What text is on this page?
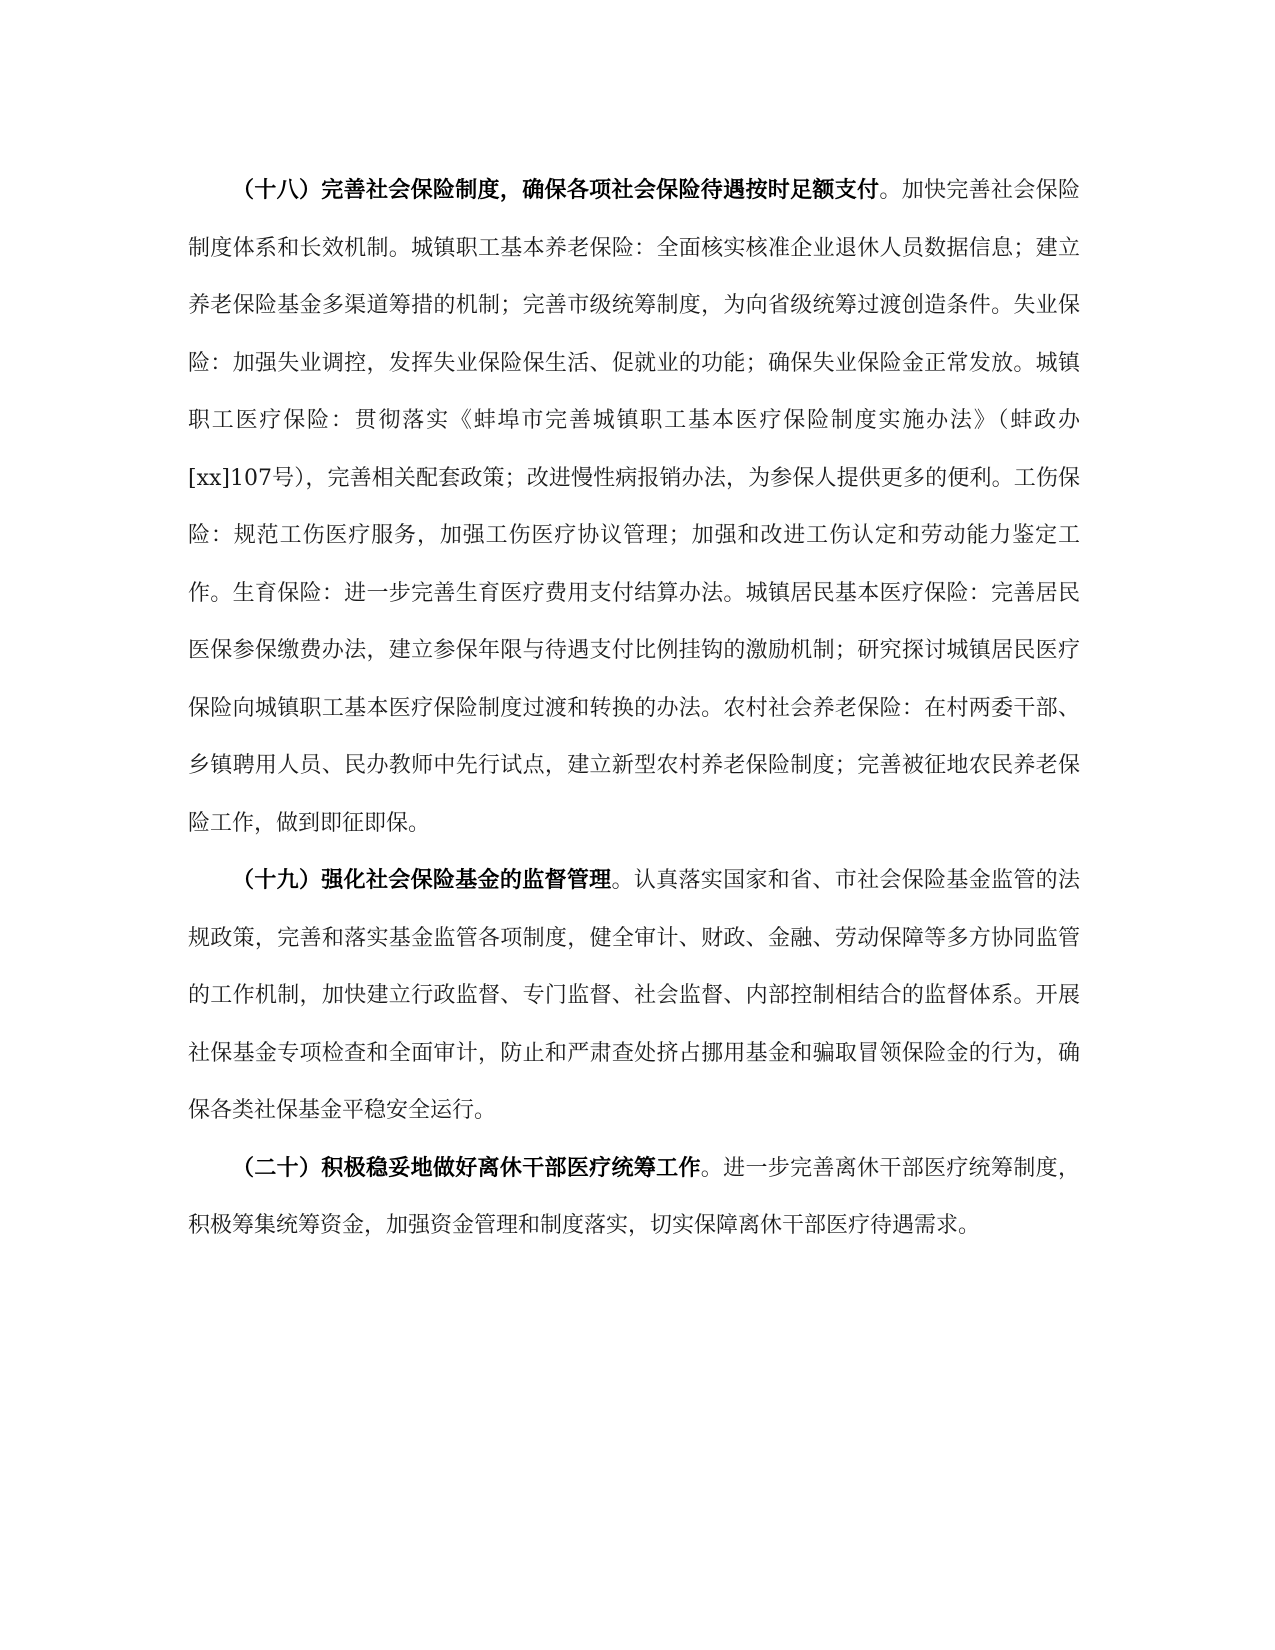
（十八）完善社会保险制度，确保各项社会保险待遇按时足额支付。加快完善社会保险制度体系和长效机制。城镇职工基本养老保险：全面核实核准企业退休人员数据信息；建立养老保险基金多渠道筹措的机制；完善市级统筹制度，为向省级统筹过渡创造条件。失业保险：加强失业调控，发挥失业保险保生活、促就业的功能；确保失业保险金正常发放。城镇职工医疗保险：贯彻落实《蚌埠市完善城镇职工基本医疗保险制度实施办法》（蚌政办[xx]107号），完善相关配套政策；改进慢性病报销办法，为参保人提供更多的便利。工伤保险：规范工伤医疗服务，加强工伤医疗协议管理；加强和改进工伤认定和劳动能力鉴定工作。生育保险：进一步完善生育医疗费用支付结算办法。城镇居民基本医疗保险：完善居民医保参保缴费办法，建立参保年限与待遇支付比例挂钩的激励机制；研究探讨城镇居民医疗保险向城镇职工基本医疗保险制度过渡和转换的办法。农村社会养老保险：在村两委干部、乡镇聘用人员、民办教师中先行试点，建立新型农村养老保险制度；完善被征地农民养老保险工作，做到即征即保。

（十九）强化社会保险基金的监督管理。认真落实国家和省、市社会保险基金监管的法规政策，完善和落实基金监管各项制度，健全审计、财政、金融、劳动保障等多方协同监管的工作机制，加快建立行政监督、专门监督、社会监督、内部控制相结合的监督体系。开展社保基金专项检查和全面审计，防止和严肃查处挤占挪用基金和骗取冒领保险金的行为，确保各类社保基金平稳安全运行。

（二十）积极稳妥地做好离休干部医疗统筹工作。进一步完善离休干部医疗统筹制度，积极筹集统筹资金，加强资金管理和制度落实，切实保障离休干部医疗待遇需求。
